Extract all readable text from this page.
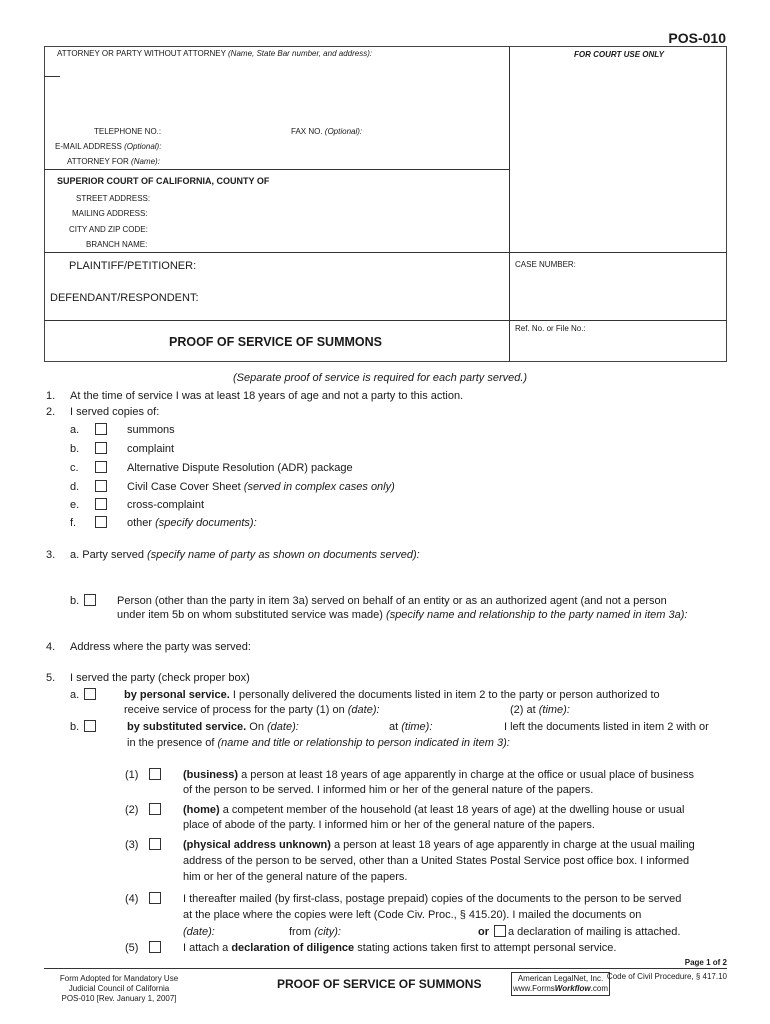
POS-010
ATTORNEY OR PARTY WITHOUT ATTORNEY (Name, State Bar number, and address):	FOR COURT USE ONLY
TELEPHONE NO.:	FAX NO. (Optional):
E-MAIL ADDRESS (Optional):
ATTORNEY FOR (Name):
SUPERIOR COURT OF CALIFORNIA, COUNTY OF
STREET ADDRESS:
MAILING ADDRESS:
CITY AND ZIP CODE:
BRANCH NAME:
PLAINTIFF/PETITIONER:	CASE NUMBER:
DEFENDANT/RESPONDENT:
Ref. No. or File No.:
PROOF OF SERVICE OF SUMMONS
(Separate proof of service is required for each party served.)
1. At the time of service I was at least 18 years of age and not a party to this action.
2. I served copies of:
a.	summons
b.	complaint
c.	Alternative Dispute Resolution (ADR) package
d.	Civil Case Cover Sheet (served in complex cases only)
e.	cross-complaint
f.	other (specify documents):
3. a. Party served (specify name of party as shown on documents served):
b.	Person (other than the party in item 3a) served on behalf of an entity or as an authorized agent (and not a person
under item 5b on whom substituted service was made) (specify name and relationship to the party named in item 3a):
4. Address where the party was served:
5. I served the party (check proper box)
a.	by personal service. I personally delivered the documents listed in item 2 to the party or person authorized to
receive service of process for the party (1) on (date):	(2) at (time):
b.	by substituted service. On (date):	at (time):	I left the documents listed in item 2 with or
in the presence of (name and title or relationship to person indicated in item 3):
(1)	(business) a person at least 18 years of age apparently in charge at the office or usual place of business
of the person to be served. I informed him or her of the general nature of the papers.
(2)	(home) a competent member of the household (at least 18 years of age) at the dwelling house or usual
place of abode of the party. I informed him or her of the general nature of the papers.
(3)	(physical address unknown) a person at least 18 years of age apparently in charge at the usual mailing
address of the person to be served, other than a United States Postal Service post office box. I informed
him or her of the general nature of the papers.
(4)	I thereafter mailed (by first-class, postage prepaid) copies of the documents to the person to be served
at the place where the copies were left (Code Civ. Proc., § 415.20). I mailed the documents on
(date):	from (city):	or a declaration of mailing is attached.
(5)	I attach a declaration of diligence stating actions taken first to attempt personal service.
Page 1 of 2
Form Adopted for Mandatory Use
Judicial Council of California
POS-010 [Rev. January 1, 2007]
PROOF OF SERVICE OF SUMMONS	American LegalNet, Inc.
www.FormsWorkflow.com
Code of Civil Procedure, § 417.10
